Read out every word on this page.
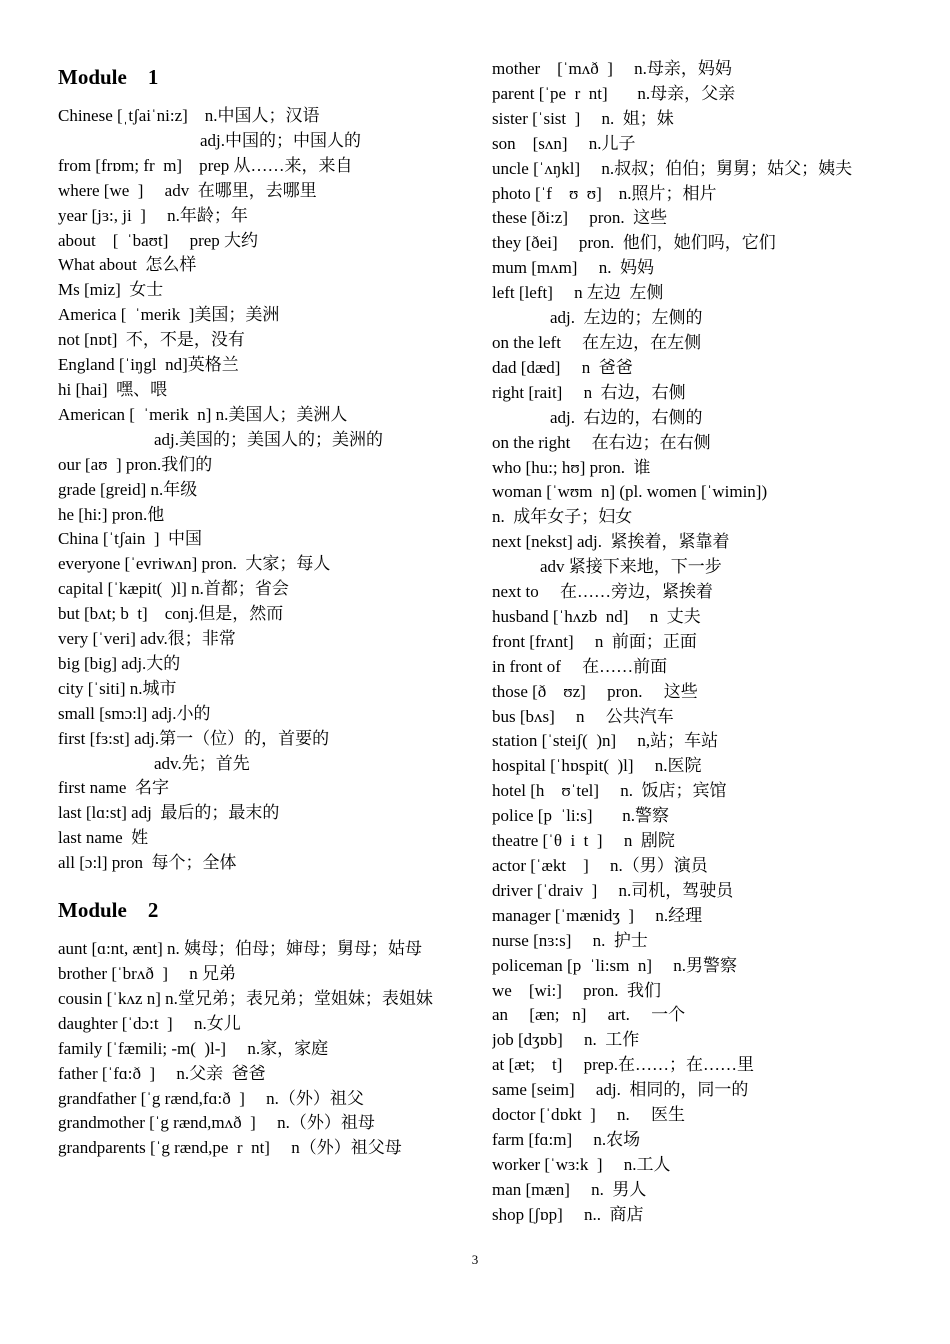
Module    1
Chinese [ˌtʃaiˈni:z]    n.中国人；汉语
adj.中国的；中国人的
from [frɒm; fr  m]    prep 从……来，来自
where [we  ]     adv  在哪里，去哪里
year [jɜ:, ji  ]     n.年龄；年
about    [  ˈbaʊt]     prep 大约
What about  怎么样
Ms [miz]  女士
America [  ˈmerik  ]美国；美洲
not [nɒt]  不，不是，没有
England [ˈiŋgl  nd]英格兰
hi [hai]  嘿、喂
American [  ˈmerik  n] n.美国人；美洲人
adj.美国的；美国人的；美洲的
our [aʊ  ] pron.我们的
grade [greid] n.年级
he [hi:] pron.他
China [ˈtʃain  ]  中国
everyone [ˈevriwʌn] pron.  大家；每人
capital [ˈkæpit(  )l] n.首都；省会
but [bʌt; b  t]    conj.但是，然而
very [ˈveri] adv.很；非常
big [big] adj.大的
city [ˈsiti] n.城市
small [smɔ:l] adj.小的
first [fɜ:st] adj.第一（位）的，首要的
adv.先；首先
first name  名字
last [lɑ:st] adj  最后的；最末的
last name  姓
all [ɔ:l] pron  每个；全体
Module    2
aunt [ɑ:nt, ænt] n. 姨母；伯母；婶母；舅母；姑母
brother [ˈbrʌð  ]     n 兄弟
cousin [ˈkʌz n] n.堂兄弟；表兄弟；堂姐妹；表姐妹
daughter [ˈdɔ:t  ]     n.女儿
family [ˈfæmili; -m(  )l-]     n.家，家庭
father [ˈfɑ:ð  ]     n.父亲  爸爸
grandfather [ˈg rænd,fɑ:ð  ]     n.（外）祖父
grandmother [ˈg rænd,mʌð  ]     n.（外）祖母
grandparents [ˈg rænd,pe  r  nt]     n（外）祖父母
mother    [ˈmʌð  ]     n.母亲，妈妈
parent [ˈpe  r  nt]       n.母亲，父亲
sister [ˈsist  ]     n.  姐；妹
son    [sʌn]     n.儿子
uncle [ˈʌŋkl]     n.叔叔；伯伯；舅舅；姑父；姨夫
photo [ˈf    ʊ  ʊ]    n.照片；相片
these [ði:z]     pron.  这些
they [ðei]     pron.  他们，她们吗，它们
mum [mʌm]     n.  妈妈
left [left]     n 左边  左侧
adj.  左边的；左侧的
on the left     在左边，在左侧
dad [dæd]     n  爸爸
right [rait]     n  右边，右侧
adj.  右边的，右侧的
on the right     在右边；在右侧
who [hu:; hʊ] pron.  谁
woman [ˈwʊm  n] (pl. women [ˈwimin])
n.  成年女子；妇女
next [nekst] adj.  紧挨着，紧靠着
adv 紧接下来地，下一步
next to     在……旁边，紧挨着
husband [ˈhʌzb  nd]     n  丈夫
front [frʌnt]     n  前面；正面
in front of     在……前面
those [ð    ʊz]     pron.     这些
bus [bʌs]     n     公共汽车
station [ˈsteiʃ(  )n]     n,站；车站
hospital [ˈhɒspit(  )l]     n.医院
hotel [h    ʊˈtel]     n.  饭店；宾馆
police [p  ˈli:s]       n.警察
theatre [ˈθ  i  t  ]     n  剧院
actor [ˈækt    ]     n.（男）演员
driver [ˈdraiv  ]     n.司机，驾驶员
manager [ˈmænidʒ  ]     n.经理
nurse [nɜ:s]     n.  护士
policeman [p  ˈli:sm  n]     n.男警察
we    [wi:]     pron.  我们
an     [æn;   n]     art.     一个
job [dʒɒb]     n.  工作
at [æt;    t]     prep.在……；在……里
same [seim]     adj.  相同的，同一的
doctor [ˈdɒkt  ]     n.     医生
farm [fɑ:m]     n.农场
worker [ˈwɜ:k  ]     n.工人
man [mæn]     n.  男人
shop [ʃɒp]     n..  商店
3
